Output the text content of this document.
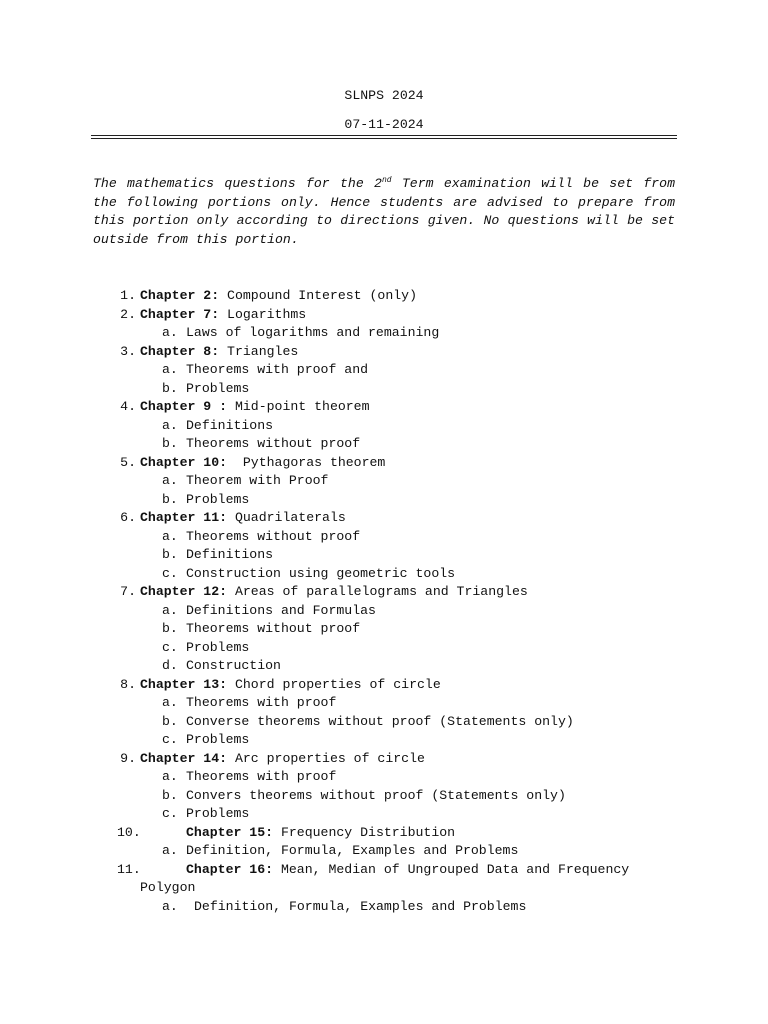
SLNPS 2024
07-11-2024

The mathematics questions for the 2nd Term examination will be set from the following portions only. Hence students are advised to prepare from this portion only according to directions given. No questions will be set outside from this portion.

1. Chapter 2: Compound Interest (only)
2. Chapter 7: Logarithms
a. Laws of logarithms and remaining
3. Chapter 8: Triangles
a. Theorems with proof and
b. Problems
4. Chapter 9 : Mid-point theorem
a. Definitions
b. Theorems without proof
5. Chapter 10:  Pythagoras theorem
a. Theorem with Proof
b. Problems
6. Chapter 11: Quadrilaterals
a. Theorems without proof
b. Definitions
c. Construction using geometric tools
7. Chapter 12: Areas of parallelograms and Triangles
a. Definitions and Formulas
b. Theorems without proof
c. Problems
d. Construction
8. Chapter 13: Chord properties of circle
a. Theorems with proof
b. Converse theorems without proof (Statements only)
c. Problems
9. Chapter 14: Arc properties of circle
a. Theorems with proof
b. Convers theorems without proof (Statements only)
c. Problems
10.	Chapter 15: Frequency Distribution
a. Definition, Formula, Examples and Problems
11.	Chapter 16: Mean, Median of Ungrouped Data and Frequency
Polygon
a. Definition, Formula, Examples and Problems
